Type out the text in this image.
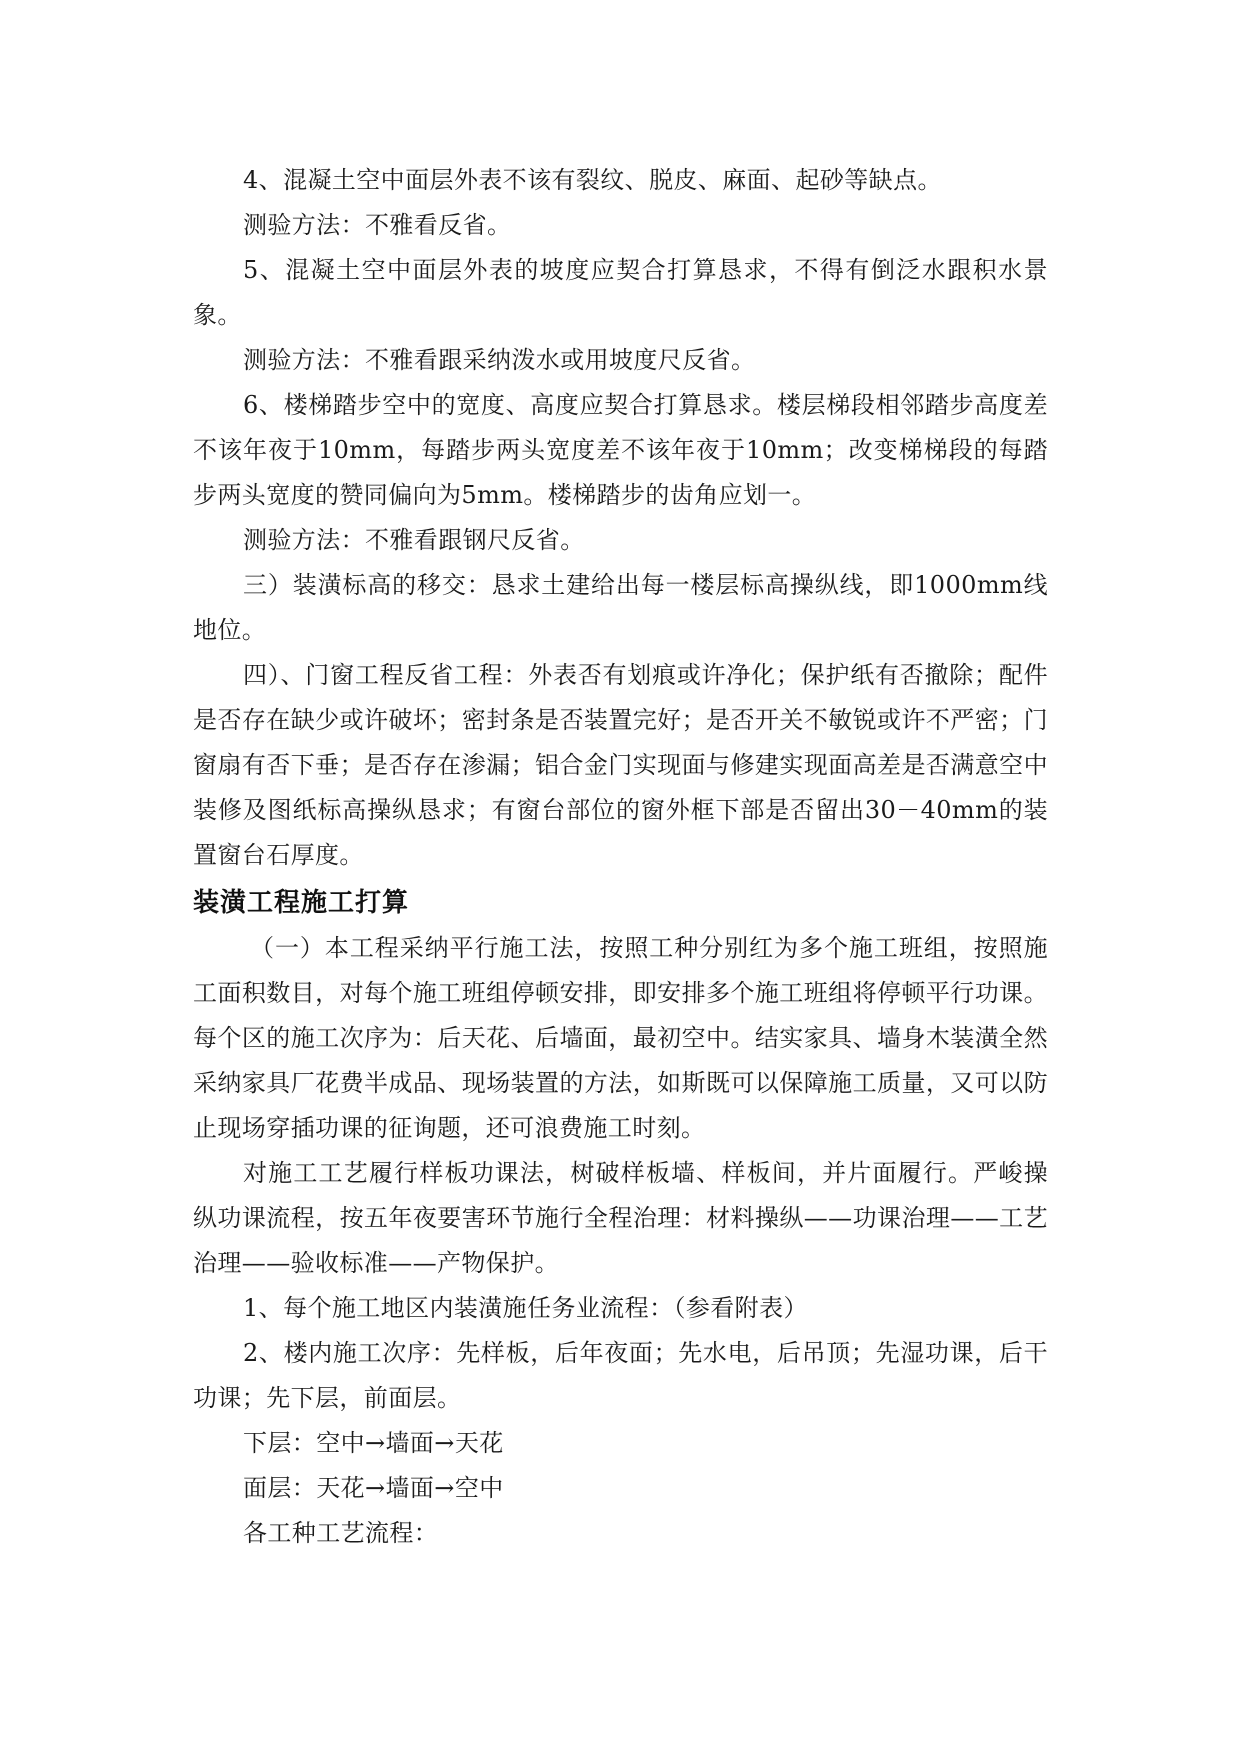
4、混凝土空中面层外表不该有裂纹、脱皮、麻面、起砂等缺点。

测验方法：不雅看反省。

5、混凝土空中面层外表的坡度应契合打算恳求，不得有倒泛水跟积水景象。

测验方法：不雅看跟采纳泼水或用坡度尺反省。

6、楼梯踏步空中的宽度、高度应契合打算恳求。楼层梯段相邻踏步高度差不该年夜于10mm，每踏步两头宽度差不该年夜于10mm；改变梯梯段的每踏步两头宽度的赞同偏向为5mm。楼梯踏步的齿角应划一。

测验方法：不雅看跟钢尺反省。

三）装潢标高的移交：恳求土建给出每一楼层标高操纵线，即1000mm线地位。

四）、门窗工程反省工程：外表否有划痕或许净化；保护纸有否撤除；配件是否存在缺少或许破坏；密封条是否装置完好；是否开关不敏锐或许不严密；门窗扇有否下垂；是否存在渗漏；铝合金门实现面与修建实现面高差是否满意空中装修及图纸标高操纵恳求；有窗台部位的窗外框下部是否留出30－40mm的装置窗台石厚度。

装潢工程施工打算

（一）本工程采纳平行施工法，按照工种分别红为多个施工班组，按照施工面积数目，对每个施工班组停顿安排，即安排多个施工班组将停顿平行功课。每个区的施工次序为：后天花、后墙面，最初空中。结实家具、墙身木装潢全然采纳家具厂花费半成品、现场装置的方法，如斯既可以保障施工质量，又可以防止现场穿插功课的征询题，还可浪费施工时刻。

对施工工艺履行样板功课法，树破样板墙、样板间，并片面履行。严峻操纵功课流程，按五年夜要害环节施行全程治理：材料操纵——功课治理——工艺治理——验收标准——产物保护。

1、每个施工地区内装潢施任务业流程：（参看附表）

2、楼内施工次序：先样板，后年夜面；先水电，后吊顶；先湿功课，后干功课；先下层，前面层。

下层：空中→墙面→天花

面层：天花→墙面→空中

各工种工艺流程：
